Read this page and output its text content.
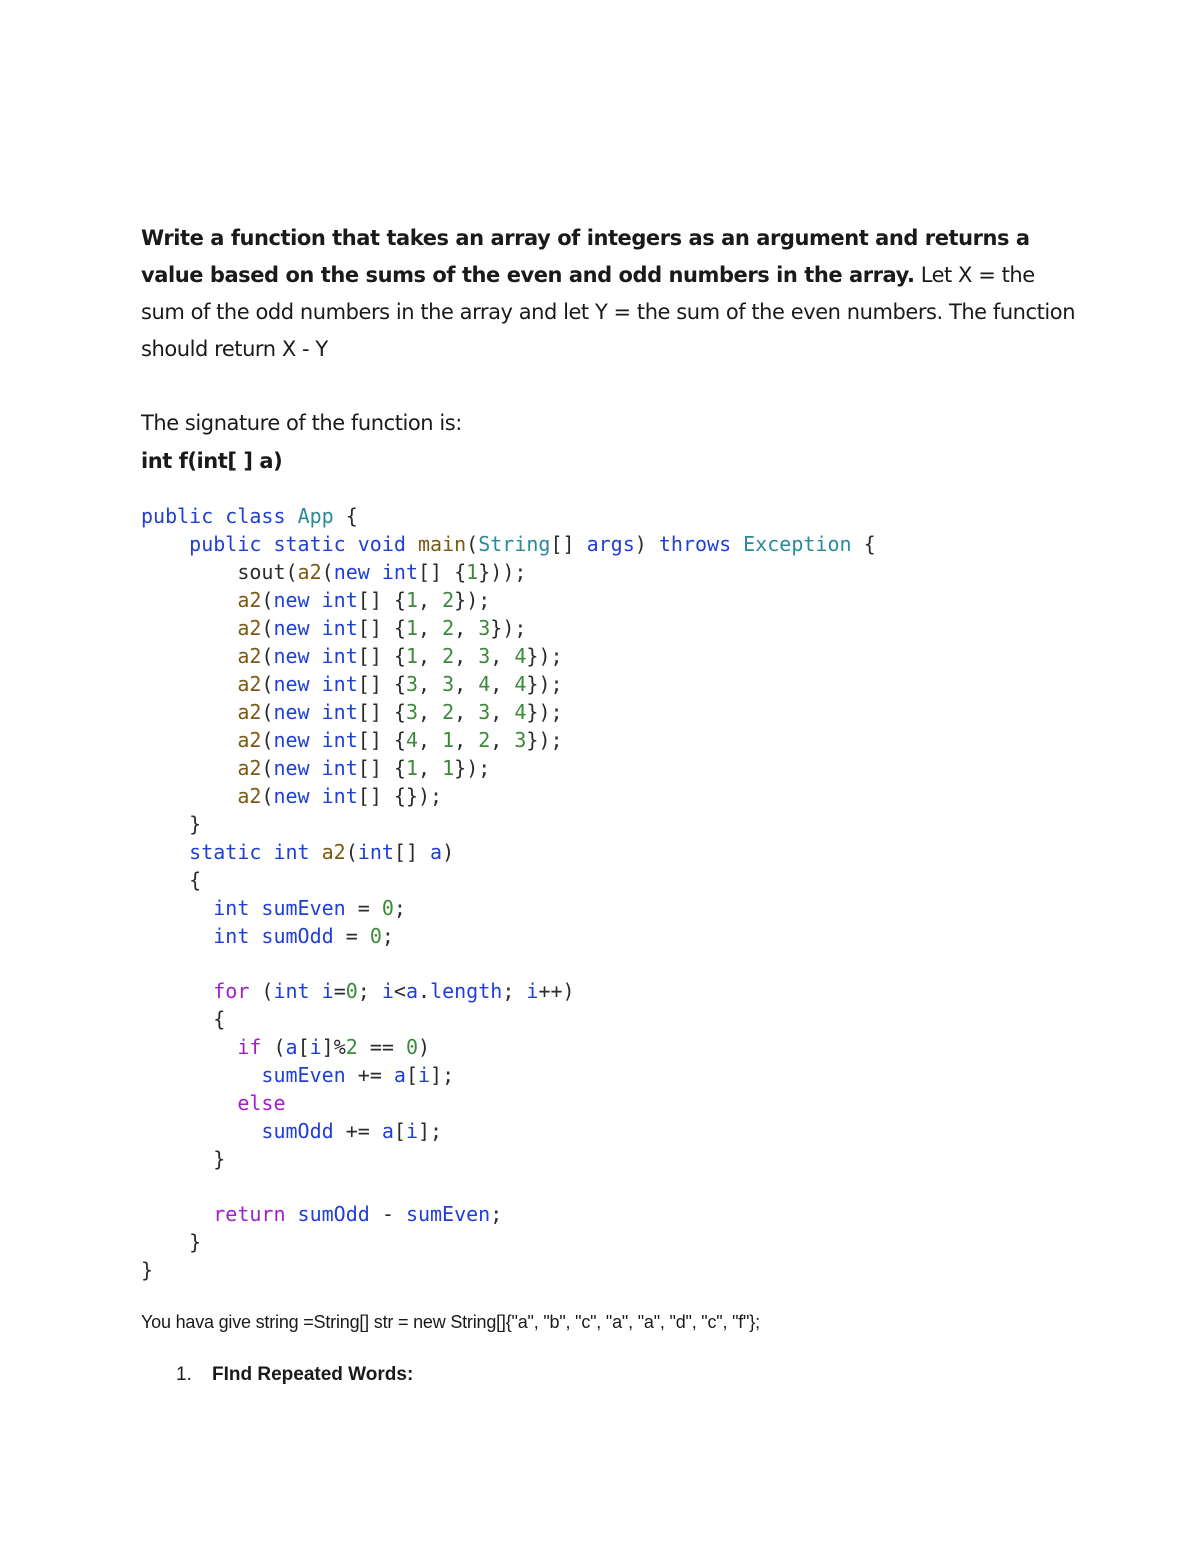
Write a function that takes an array of integers as an argument and returns a value based on the sums of the even and odd numbers in the array. Let X = the sum of the odd numbers in the array and let Y = the sum of the even numbers. The function should return X - Y
The signature of the function is:
int f(int[ ] a)
public class App {
public static void main(String[] args) throws Exception {
sout(a2(new int[] {1}));
a2(new int[] {1, 2});
a2(new int[] {1, 2, 3});
a2(new int[] {1, 2, 3, 4});
a2(new int[] {3, 3, 4, 4});
a2(new int[] {3, 2, 3, 4});
a2(new int[] {4, 1, 2, 3});
a2(new int[] {1, 1});
a2(new int[] {});
}
static int a2(int[] a)
{
int sumEven = 0;
int sumOdd = 0;
for (int i=0; i<a.length; i++)
{
if (a[i]%2 == 0)
sumEven += a[i];
else
sumOdd += a[i];
}
return sumOdd - sumEven;
}
}
You hava give string =String[] str = new String[]{"a", "b", "c", "a", "a", "d", "c", "f"};
1. FInd Repeated Words:
